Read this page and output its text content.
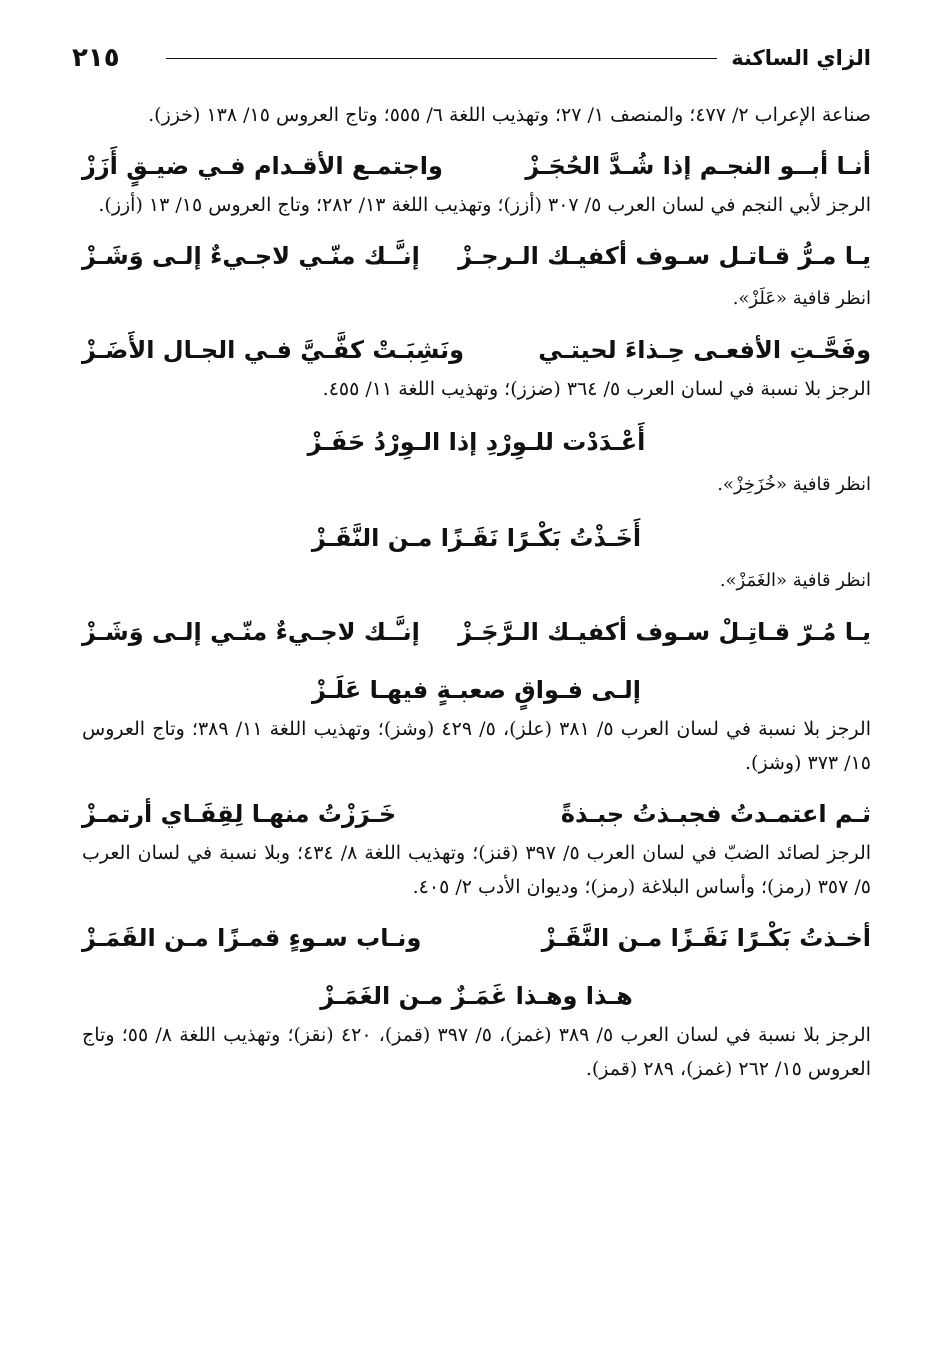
٢١٥	الزاي الساكنة

صناعة الإعراب ٢/ ٤٧٧؛ والمنصف ١/ ٢٧؛ وتهذيب اللغة ٦/ ٥٥٥؛ وتاج العروس ١٥/ ١٣٨ (خزز).

أنـا أبــو النجـم إذا شُـدَّ الحُجَـزْ
واجتمـع الأقـدام فـي ضيـقٍ أَزَزْ

الرجز لأبي النجم في لسان العرب ٥/ ٣٠٧ (أزز)؛ وتهذيب اللغة ١٣/ ٢٨٢؛ وتاج العروس ١٥/ ١٣ (أزز).

يـا مـرُّ قـاتـل سـوف أكفيـك الـرجـزْ
إنـَّـك منّـي لاجـيءٌ إلـى وَشَـزْ

انظر قافية «عَلَزْ».

وفَحَّـتِ الأفعـى حِـذاءَ لحيتـي
ونَشِبَـتْ كفَّـيَّ فـي الجـال الأَضَـزْ

الرجز بلا نسبة في لسان العرب ٥/ ٣٦٤ (ضزز)؛ وتهذيب اللغة ١١/ ٤٥٥.

أَعْـدَدْت للـوِرْدِ إذا الـوِرْدُ حَفَـزْ

انظر قافية «خُزَخِزْ».

أَخَـذْتُ بَكْـرًا نَقَـزًا مـن النَّقَـزْ

انظر قافية «الغَمَزْ».

يـا مُـرّ قـاتِـلْ سـوف أكفيـك الـرَّجَـزْ
إنـَّـك لاجـيءٌ منّـي إلـى وَشَـزْ
إلـى فـواقٍ صعبـةٍ فيهـا عَلَـزْ

الرجز بلا نسبة في لسان العرب ٥/ ٣٨١ (علز)، ٥/ ٤٢٩ (وشز)؛ وتهذيب اللغة ١١/ ٣٨٩؛ وتاج العروس ١٥/ ٣٧٣ (وشز).

ثـم اعتمـدتُ فجبـذتُ جبـذةً
خَـرَزْتُ منهـا لِقِفَـاي أرتمـزْ

الرجز لصائد الضبّ في لسان العرب ٥/ ٣٩٧ (قنز)؛ وتهذيب اللغة ٨/ ٤٣٤؛ وبلا نسبة في لسان العرب ٥/ ٣٥٧ (رمز)؛ وأساس البلاغة (رمز)؛ وديوان الأدب ٢/ ٤٠٥.

أخـذتُ بَكْـرًا نَقَـزًا مـن النَّقَـزْ
ونـاب سـوءٍ قمـزًا مـن القَمَـزْ
هـذا وهـذا غَمَـزٌ مـن الغَمَـزْ

الرجز بلا نسبة في لسان العرب ٥/ ٣٨٩ (غمز)، ٥/ ٣٩٧ (قمز)، ٤٢٠ (نقز)؛ وتهذيب اللغة ٨/ ٥٥؛ وتاج العروس ١٥/ ٢٦٢ (غمز)، ٢٨٩ (قمز).
